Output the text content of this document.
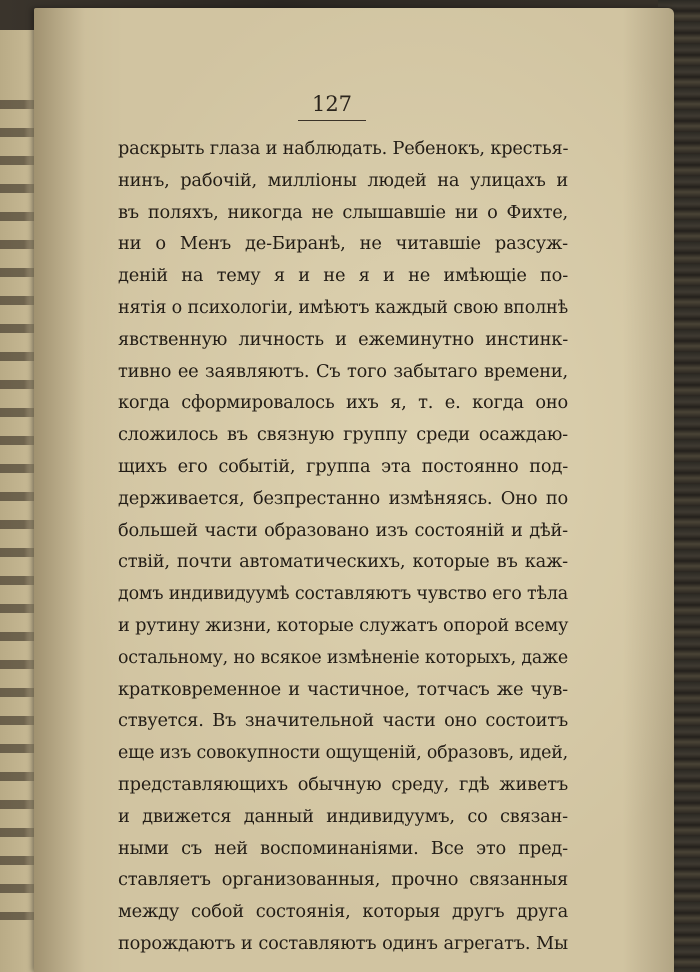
127
раскрыть глаза и наблюдать. Ребенокъ, крестья-
нинъ, рабочій, милліоны людей на улицахъ и
въ поляхъ, никогда не слышавшіе ни о Фихте,
ни о Менъ де-Биранѣ, не читавшіе разсуж-
деній на тему я и не я и не имѣющіе по-
нятія о психологіи, имѣютъ каждый свою вполнѣ
явственную личность и ежеминутно инстинк-
тивно ее заявляютъ. Съ того забытаго времени,
когда сформировалось ихъ я, т. е. когда оно
сложилось въ связную группу среди осаждаю-
щихъ его событій, группа эта постоянно под-
держивается, безпрестанно измѣняясь. Оно по
большей части образовано изъ состояній и дѣй-
ствій, почти автоматическихъ, которые въ каж-
домъ индивидуумѣ составляютъ чувство его тѣла
и рутину жизни, которые служатъ опорой всему
остальному, но всякое измѣненіе которыхъ, даже
кратковременное и частичное, тотчасъ же чув-
ствуется. Въ значительной части оно состоитъ
еще изъ совокупности ощущеній, образовъ, идей,
представляющихъ обычную среду, гдѣ живетъ
и движется данный индивидуумъ, со связан-
ными съ ней воспоминаніями. Все это пред-
ставляетъ организованныя, прочно связанныя
между собой состоянія, которыя другъ друга
порождаютъ и составляютъ одинъ агрегатъ. Мы
